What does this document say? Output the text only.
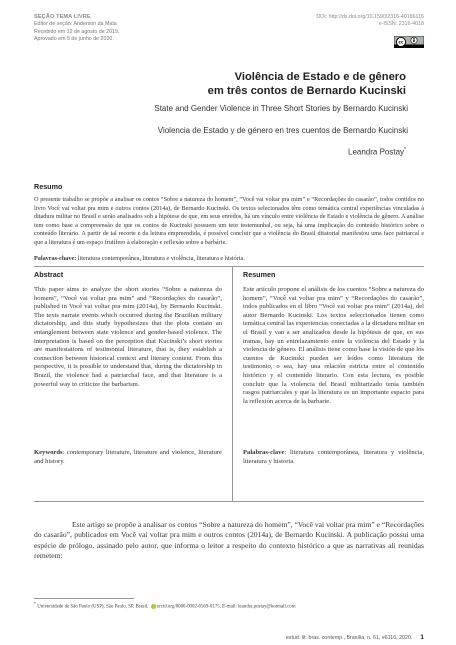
SEÇÃO TEMA LIVRE
Editor de seção: Anderson da Mata
Recebido em 12 de agosto de 2019.
Aprovado em 5 de junho de 2020.
DOI: http://dx.doi.org/10.1590/2316-40186116
e-ISSN: 2316-4018
cc
Violência de Estado e de gênero
em três contos de Bernardo Kucinski
State and Gender Violence in Three Short Stories by Bernardo Kucinski
Violencia de Estado y de género en tres cuentos de Bernardo Kucinski
Leandra Postay*
Resumo
O presente trabalho se propõe a analisar os contos “Sobre a natureza do homem”, “Você vai voltar pra mim” e “Recordações do casarão”, todos contidos no livro Você vai voltar pra mim e outros contos (2014a), de Bernardo Kucinski. Os textos selecionados têm como temática central experiências vinculadas à ditadura militar no Brasil e serão analisados sob a hipótese de que, em seus enredos, há um vínculo entre violência de Estado e violência de gênero. A análise tem como base a compreensão de que os contos de Kucinski possuem um teor testemunhal, ou seja, há uma implicação do conteúdo histórico sobre o conteúdo literário. A partir de tal recorte e da leitura empreendida, é possível concluir que a violência do Brasil ditatorial manifestou uma face patriarcal e que a literatura é um espaço frutífero à elaboração e reflexão sobre a barbárie.
Palavras-chave: literatura contemporânea, literatura e violência, literatura e história.
Abstract
This paper aims to analyze the short stories “Sobre a natureza do homem”, “Você vai voltar pra mim” and “Recordações do casarão”, published in Você vai voltar pra mim (2014a), by Bernardo Kucinski. The texts narrate events which occurred during the Brazilian military dictatorship, and this study hypothesizes that the plots contain an entanglement between state violence and gender-based violence. The interpretation is based on the perception that Kucinski’s short stories are manifestations of testimonial literature, that is, they establish a connection between historical context and literary content. From this perspective, it is possible to understand that, during the dictatorship in Brazil, the violence had a patriarchal face, and that literature is a powerful way to criticize the barbarism.
Keywords: contemporary literature, literature and violence, literature and history.
Resumen
Este artículo propone el análisis de los cuentos “Sobre a natureza do homem”, “Você vai voltar pra mim” y “Recordações do casarão”, todos publicados en el libro “Você vai voltar pra mim” (2014a), del autor Bernardo Kucinski. Los textos seleccionados tienen como temática central las experiencias conectadas a la dictadura militar en el Brasil y van a ser analizados desde la hipótesis de que, en sus tramas, hay un entrelazamiento entre la violencia del Estado y la violencia de género. El análisis tiene como base la visión de que los cuentos de Kucinski pueden ser leídos como literatura de testimonio, o sea, hay una relación estricta entre el contenido histórico y el contenido literario. Con esta lectura, es posible concluir que la violencia del Brasil militarizado tenía también rasgos patriarcales y que la literatura es un importante espacio para la reflexión acerca de la barbarie.
Palabras-clave: literatura contemporânea, literatura y violência, literatura y historia.
Este artigo se propõe a analisar os contos “Sobre a natureza do homem”, “Você vai voltar pra mim” e “Recordações do casarão”, publicados em Você vai voltar pra mim e outros contos (2014a), de Bernardo Kucinski. A publicação possui uma espécie de prólogo, assinado pelo autor, que informa o leitor a respeito do contexto histórico a que as narrativas ali reunidas remetem:
* Universidade de São Paulo (USP), São Paulo, SP, Brasil. orcid.org/0000-0002-6569-0175. E-mail: leandra.postay@hotmail.com
estud. lit. bras. contemp., Brasília, n. 61, e6116, 2020. 1
